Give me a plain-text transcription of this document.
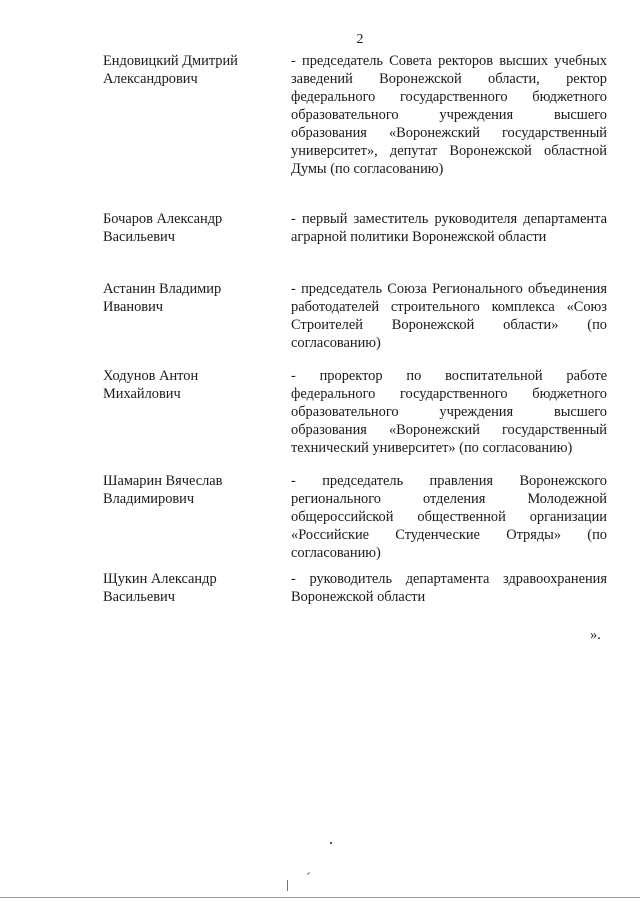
2
Ендовицкий Дмитрий
Александрович
- председатель Совета ректоров высших учебных заведений Воронежской области, ректор федерального государственного бюджетного образовательного учреждения высшего образования «Воронежский государственный университет», депутат Воронежской областной Думы (по согласованию)
Бочаров Александр
Васильевич
- первый заместитель руководителя департамента аграрной политики Воронежской области
Астанин Владимир
Иванович
- председатель Союза Регионального объединения работодателей строительного комплекса «Союз Строителей Воронежской области» (по согласованию)
Ходунов Антон
Михайлович
- проректор по воспитательной работе федерального государственного бюджетного образовательного учреждения высшего образования «Воронежский государственный технический университет» (по согласованию)
Шамарин Вячеслав
Владимирович
- председатель правления Воронежского регионального отделения Молодежной общероссийской общественной организации «Российские Студенческие Отряды» (по согласованию)
Щукин Александр
Васильевич
- руководитель департамента здравоохранения Воронежской области
».
